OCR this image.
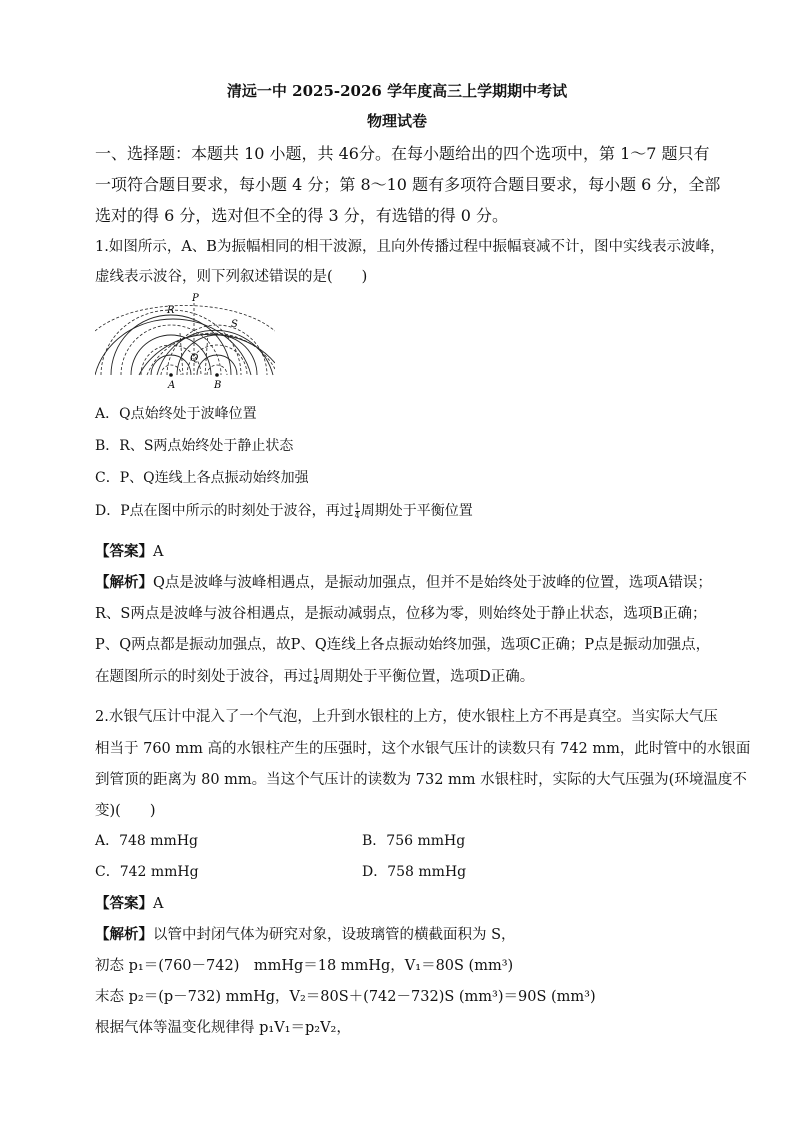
清远一中 2025-2026 学年度高三上学期期中考试
物理试卷
一、选择题：本题共 10 小题，共 46分。在每小题给出的四个选项中，第 1～7 题只有
一项符合题目要求，每小题 4 分；第 8～10 题有多项符合题目要求，每小题 6 分，全部
选对的得 6 分，选对但不全的得 3 分，有选错的得 0 分。
1.如图所示，A、B为振幅相同的相干波源，且向外传播过程中振幅衰减不计，图中实线表示波峰，
虚线表示波谷，则下列叙述错误的是(　　)
P
R
S
Q
A	B
A．Q点始终处于波峰位置
B．R、S两点始终处于静止状态
C．P、Q连线上各点振动始终加强
D．P点在图中所示的时刻处于波谷，再过 $\frac{1}{4}$ 周期处于平衡位置
【答案】A
【解析】Q点是波峰与波峰相遇点，是振动加强点，但并不是始终处于波峰的位置，选项A错误；
R、S两点是波峰与波谷相遇点，是振动减弱点，位移为零，则始终处于静止状态，选项B正确；
P、Q两点都是振动加强点，故P、Q连线上各点振动始终加强，选项C正确；P点是振动加强点，
在题图所示的时刻处于波谷，再过 $\frac{1}{4}$ 周期处于平衡位置，选项D正确。
2.水银气压计中混入了一个气泡，上升到水银柱的上方，使水银柱上方不再是真空。当实际大气压
相当于 760 mm 高的水银柱产生的压强时，这个水银气压计的读数只有 742 mm，此时管中的水银面
到管顶的距离为 80 mm。当这个气压计的读数为 732 mm 水银柱时，实际的大气压强为(环境温度不
变)(　　)
A．748 mmHg	B．756 mmHg
C．742 mmHg	D．758 mmHg
【答案】A
【解析】以管中封闭气体为研究对象，设玻璃管的横截面积为 S，
初态 p₁＝(760－742)　mmHg＝18 mmHg，V₁＝80S (mm³)
末态 p₂＝(p－732) mmHg，V₂＝80S＋(742－732)S (mm³)＝90S (mm³)
根据气体等温变化规律得 p₁V₁＝p₂V₂，
